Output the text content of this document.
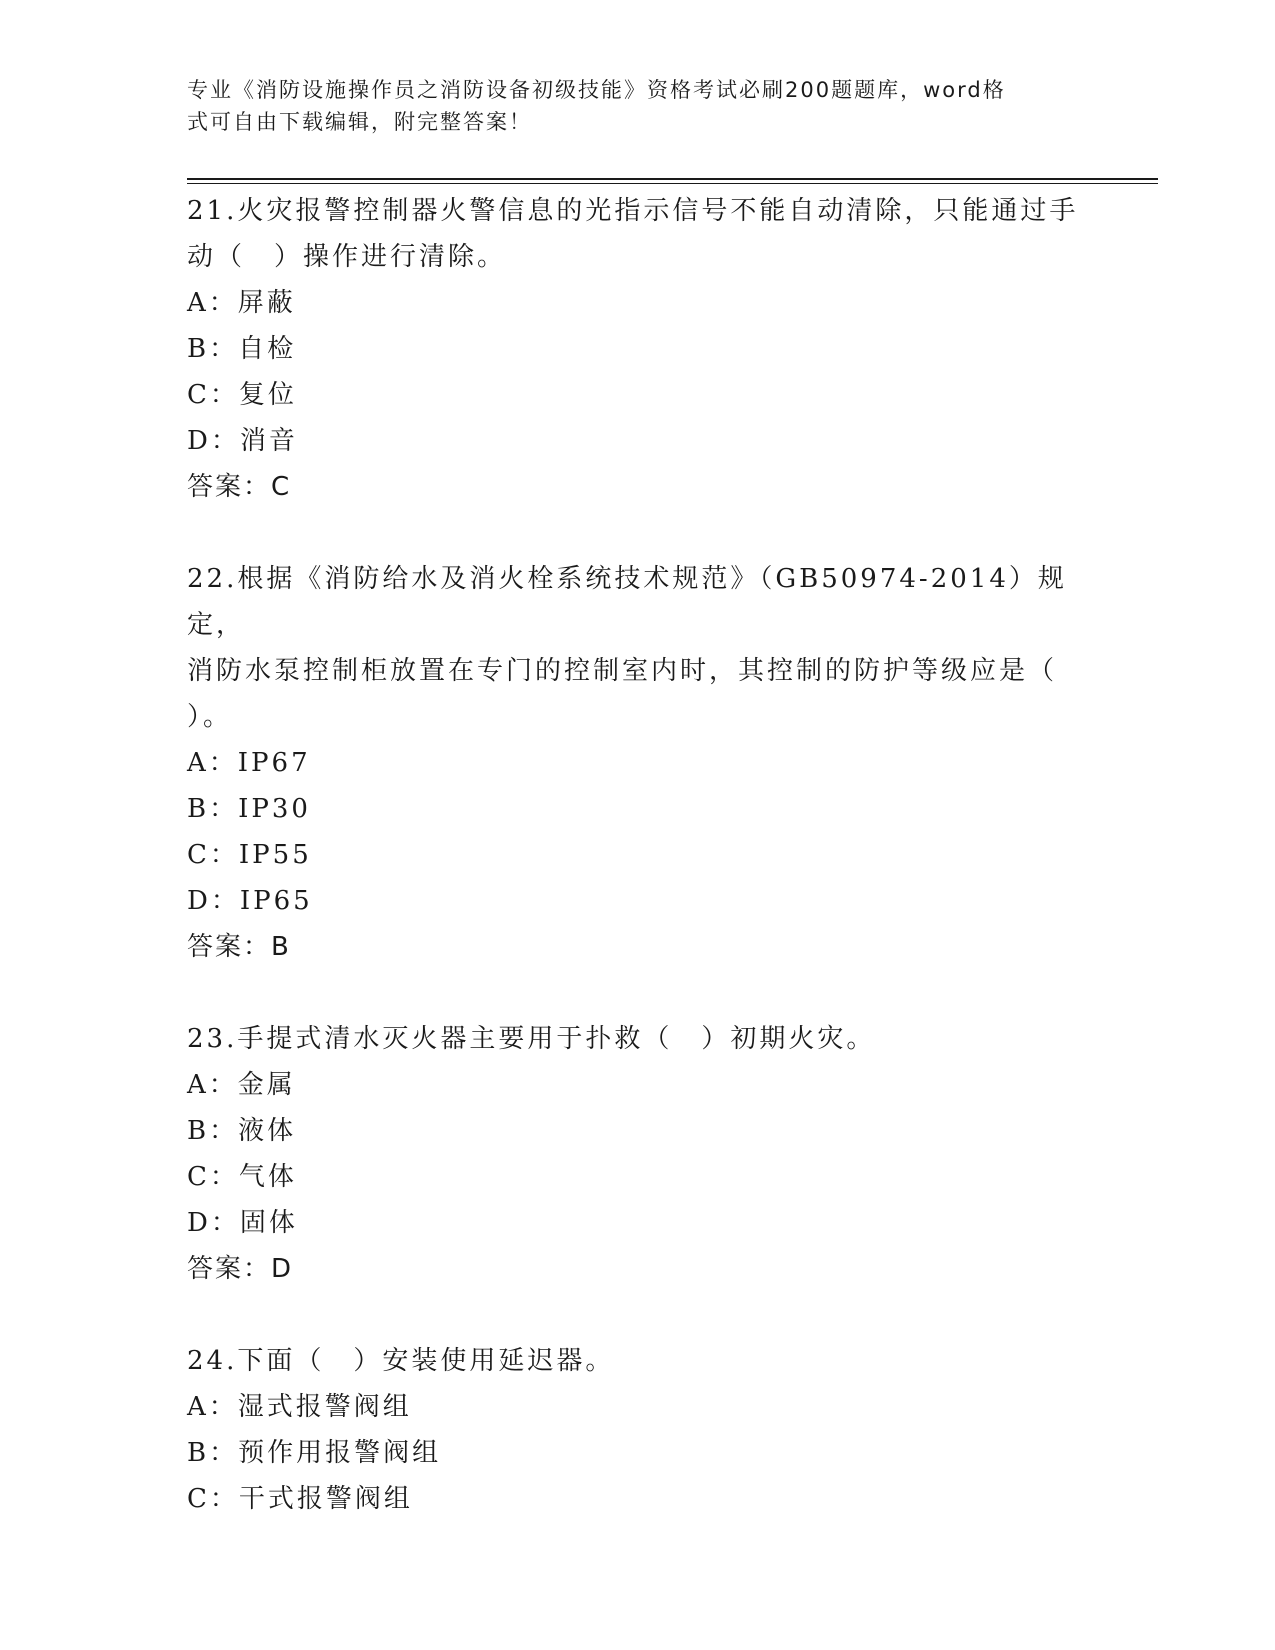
专业《消防设施操作员之消防设备初级技能》资格考试必刷200题题库，word格
式可自由下载编辑，附完整答案！

21.火灾报警控制器火警信息的光指示信号不能自动清除，只能通过手

动（　）操作进行清除。

A：屏蔽

B：自检

C：复位

D：消音

答案：C

22.根据《消防给水及消火栓系统技术规范》（GB50974-2014）规定，

消防水泵控制柜放置在专门的控制室内时，其控制的防护等级应是（

）。

A：IP67

B：IP30

C：IP55

D：IP65

答案：B

23.手提式清水灭火器主要用于扑救（　）初期火灾。

A：金属

B：液体

C：气体

D：固体

答案：D

24.下面（　）安装使用延迟器。

A：湿式报警阀组

B：预作用报警阀组

C：干式报警阀组
